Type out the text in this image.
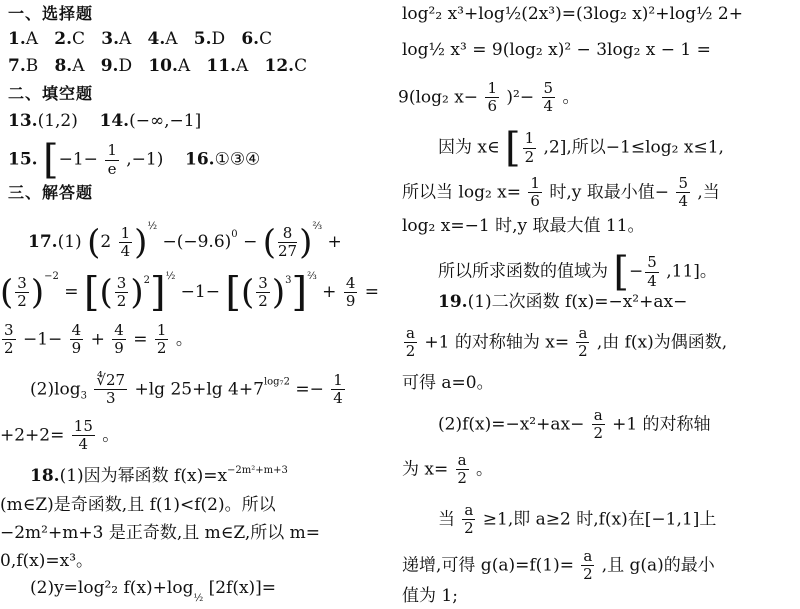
一、选择题
1.A 2.C 3.A 4.A 5.D 6.C
7.B 8.A 9.D 10.A 11.A 12.C
二、填空题
13.(1,2) 14.(−∞,−1]
15. $[-1- \frac{1}{e} ,-1)$ 16.①③④
三、解答题
17.(1) $(2 \frac{1}{4} )^{\frac{1}{2}} -(-9.6)^0$ − ( $\frac{8}{27} )^{\frac{2}{3}}$ +
( $\frac{3}{2} )^{-2}$ = [( $\frac{3}{2} )^2]^{\frac{1}{2}} -1-$ [( $\frac{3}{2} )^3]^{\frac{2}{3}} + \frac{4}{9}$ =
$\frac{3}{2} -1- \frac{4}{9} + \frac{4}{9} = \frac{1}{2}$ 。
$(2)\log_3 \frac{∜27}{3} +\lg$ 25+lg $4+7^{log_72} =- \frac{1}{4}$
$+2+2= \frac{15}{4}$ 。
18.(1)因为幂函数 $f(x)=x^{-2m^2+m+3}$
(m∈Z)是奇函数,且 f(1)<f(2)。所以
−2m²+m+3 是正奇数,且 m∈Z,所以 m=
0,f(x)=x³。
(2)y=log²₂ $f(x)+\log_{\frac{1}{2}}$ [2f(x)]=
log²₂ x³+log½(2x³)=(3log₂ x)²+log½ 2+
log½ x³ = 9(log₂ x)² − 3log₂ x − 1 =
9(log₂ $x- \frac{1}{6} )^2- \frac{5}{4}$ 。
因为 x∈ [ $\frac{1}{2} ,2$],所以−1≤log₂ x≤1,
所以当 log₂ $x= \frac{1}{6}$ 时,y 取最小值− $\frac{5}{4}$ ,当
log₂ x=−1 时,y 取最大值 11。
所以所求函数的值域为 [− $\frac{5}{4} ,11$]。
19.(1)二次函数 f(x)=−x²+ax−
$\frac{a}{2} +1$ 的对称轴为 $x= \frac{a}{2}$ ,由 f(x)为偶函数,
可得 a=0。
$(2)f(x)=-x^2+ax- \frac{a}{2} +1$ 的对称轴
为 $x= \frac{a}{2}$ 。
当 $\frac{a}{2} \ge 1$,即 a≥2 时,f(x)在[−1,1]上
递增,可得 $g(a)=f(1)= \frac{a}{2}$ ,且 g(a)的最小
值为 1;
